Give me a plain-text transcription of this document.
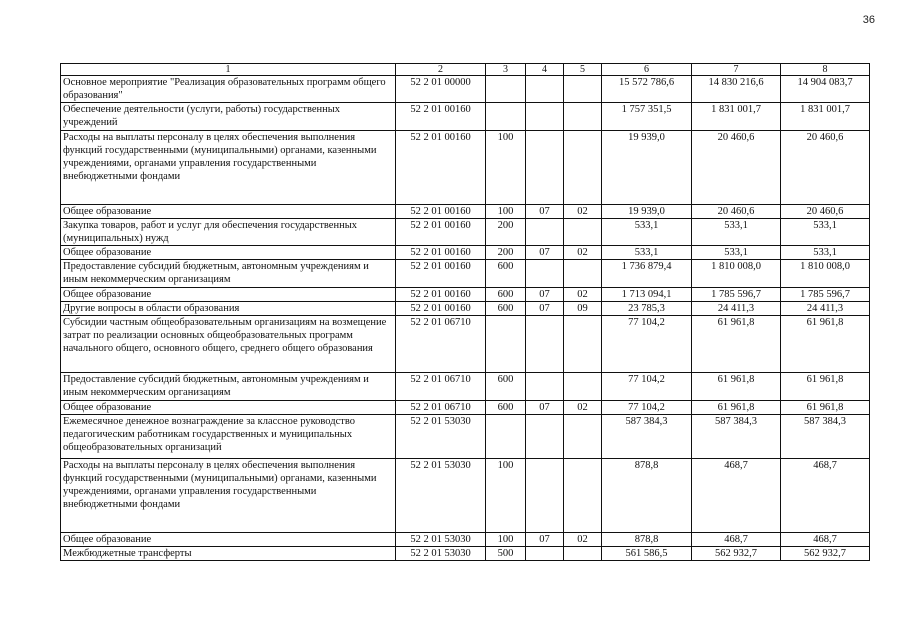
36
1	2	3	4	5	6	7	8
Основное мероприятие "Реализация образовательных программ общего образования"	52 2 01 00000				15 572 786,6	14 830 216,6	14 904 083,7
Обеспечение деятельности (услуги, работы) государственных учреждений	52 2 01 00160				1 757 351,5	1 831 001,7	1 831 001,7
Расходы на выплаты персоналу в целях обеспечения выполнения функций государственными (муниципальными) органами, казенными учреждениями, органами управления государственными внебюджетными фондами	52 2 01 00160	100			19 939,0	20 460,6	20 460,6
Общее образование	52 2 01 00160	100	07	02	19 939,0	20 460,6	20 460,6
Закупка товаров, работ и услуг для обеспечения государственных (муниципальных) нужд	52 2 01 00160	200			533,1	533,1	533,1
Общее образование	52 2 01 00160	200	07	02	533,1	533,1	533,1
Предоставление субсидий бюджетным, автономным учреждениям и иным некоммерческим организациям	52 2 01 00160	600			1 736 879,4	1 810 008,0	1 810 008,0
Общее образование	52 2 01 00160	600	07	02	1 713 094,1	1 785 596,7	1 785 596,7
Другие вопросы в области образования	52 2 01 00160	600	07	09	23 785,3	24 411,3	24 411,3
Субсидии частным общеобразовательным организациям на возмещение затрат по реализации основных общеобразовательных программ начального общего, основного общего, среднего общего образования	52 2 01 06710				77 104,2	61 961,8	61 961,8
Предоставление субсидий бюджетным, автономным учреждениям и иным некоммерческим организациям	52 2 01 06710	600			77 104,2	61 961,8	61 961,8
Общее образование	52 2 01 06710	600	07	02	77 104,2	61 961,8	61 961,8
Ежемесячное денежное вознаграждение за классное руководство педагогическим работникам государственных и муниципальных общеобразовательных организаций	52 2 01 53030				587 384,3	587 384,3	587 384,3
Расходы на выплаты персоналу в целях обеспечения выполнения функций государственными (муниципальными) органами, казенными учреждениями, органами управления государственными внебюджетными фондами	52 2 01 53030	100			878,8	468,7	468,7
Общее образование	52 2 01 53030	100	07	02	878,8	468,7	468,7
Межбюджетные трансферты	52 2 01 53030	500			561 586,5	562 932,7	562 932,7
